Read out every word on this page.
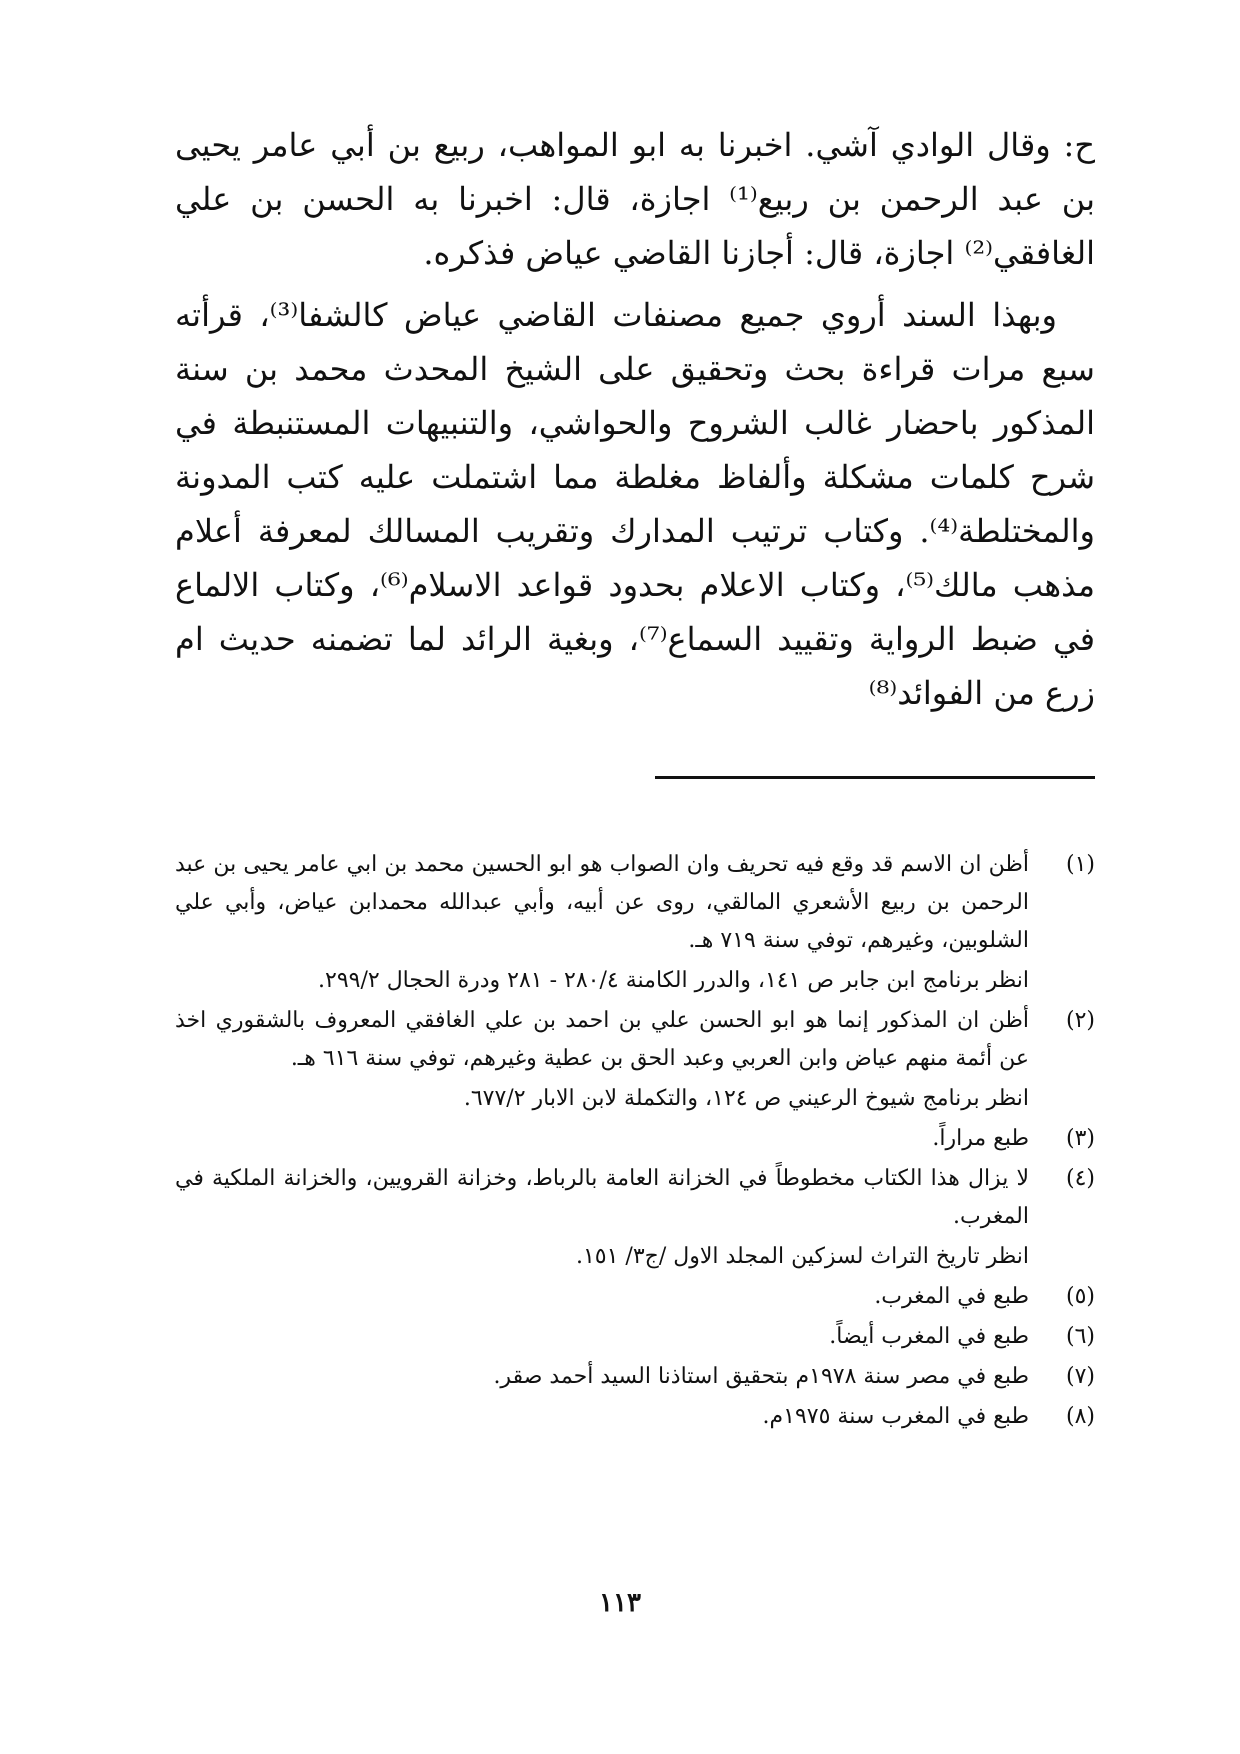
ح: وقال الوادي آشي. اخبرنا به ابو المواهب، ربيع بن أبي عامر يحيى بن عبد الرحمن بن ربيع⁽¹⁾ اجازة، قال: اخبرنا به الحسن بن علي الغافقي⁽²⁾ اجازة، قال: أجازنا القاضي عياض فذكره.

وبهذا السند أروي جميع مصنفات القاضي عياض كالشفا⁽³⁾، قرأته سبع مرات قراءة بحث وتحقيق على الشيخ المحدث محمد بن سنة المذكور باحضار غالب الشروح والحواشي، والتنبيهات المستنبطة في شرح كلمات مشكلة وألفاظ مغلطة مما اشتملت عليه كتب المدونة والمختلطة⁽⁴⁾. وكتاب ترتيب المدارك وتقريب المسالك لمعرفة أعلام مذهب مالك⁽⁵⁾، وكتاب الاعلام بحدود قواعد الاسلام⁽⁶⁾، وكتاب الالماع في ضبط الرواية وتقييد السماع⁽⁷⁾، وبغية الرائد لما تضمنه حديث ام زرع من الفوائد⁽⁸⁾

(١)
أظن ان الاسم قد وقع فيه تحريف وان الصواب هو ابو الحسين محمد بن ابي عامر يحيى بن عبد الرحمن بن ربيع الأشعري المالقي، روى عن أبيه، وأبي عبدالله محمدابن عياض، وأبي علي الشلوبين، وغيرهم، توفي سنة ٧١٩ هـ.
انظر برنامج ابن جابر ص ١٤١، والدرر الكامنة ٢٨٠/٤ - ٢٨١ ودرة الحجال ٢٩٩/٢.
(٢)
أظن ان المذكور إنما هو ابو الحسن علي بن احمد بن علي الغافقي المعروف بالشقوري اخذ عن أئمة منهم عياض وابن العربي وعبد الحق بن عطية وغيرهم، توفي سنة ٦١٦ هـ.
انظر برنامج شيوخ الرعيني ص ١٢٤، والتكملة لابن الابار ٦٧٧/٢.
(٣)
طبع مراراً.
(٤)
لا يزال هذا الكتاب مخطوطاً في الخزانة العامة بالرباط، وخزانة القرويين، والخزانة الملكية في المغرب.
انظر تاريخ التراث لسزكين المجلد الاول /ج٣/ ١٥١.
(٥)
طبع في المغرب.
(٦)
طبع في المغرب أيضاً.
(٧)
طبع في مصر سنة ١٩٧٨م بتحقيق استاذنا السيد أحمد صقر.
(٨)
طبع في المغرب سنة ١٩٧٥م.
١١٣
